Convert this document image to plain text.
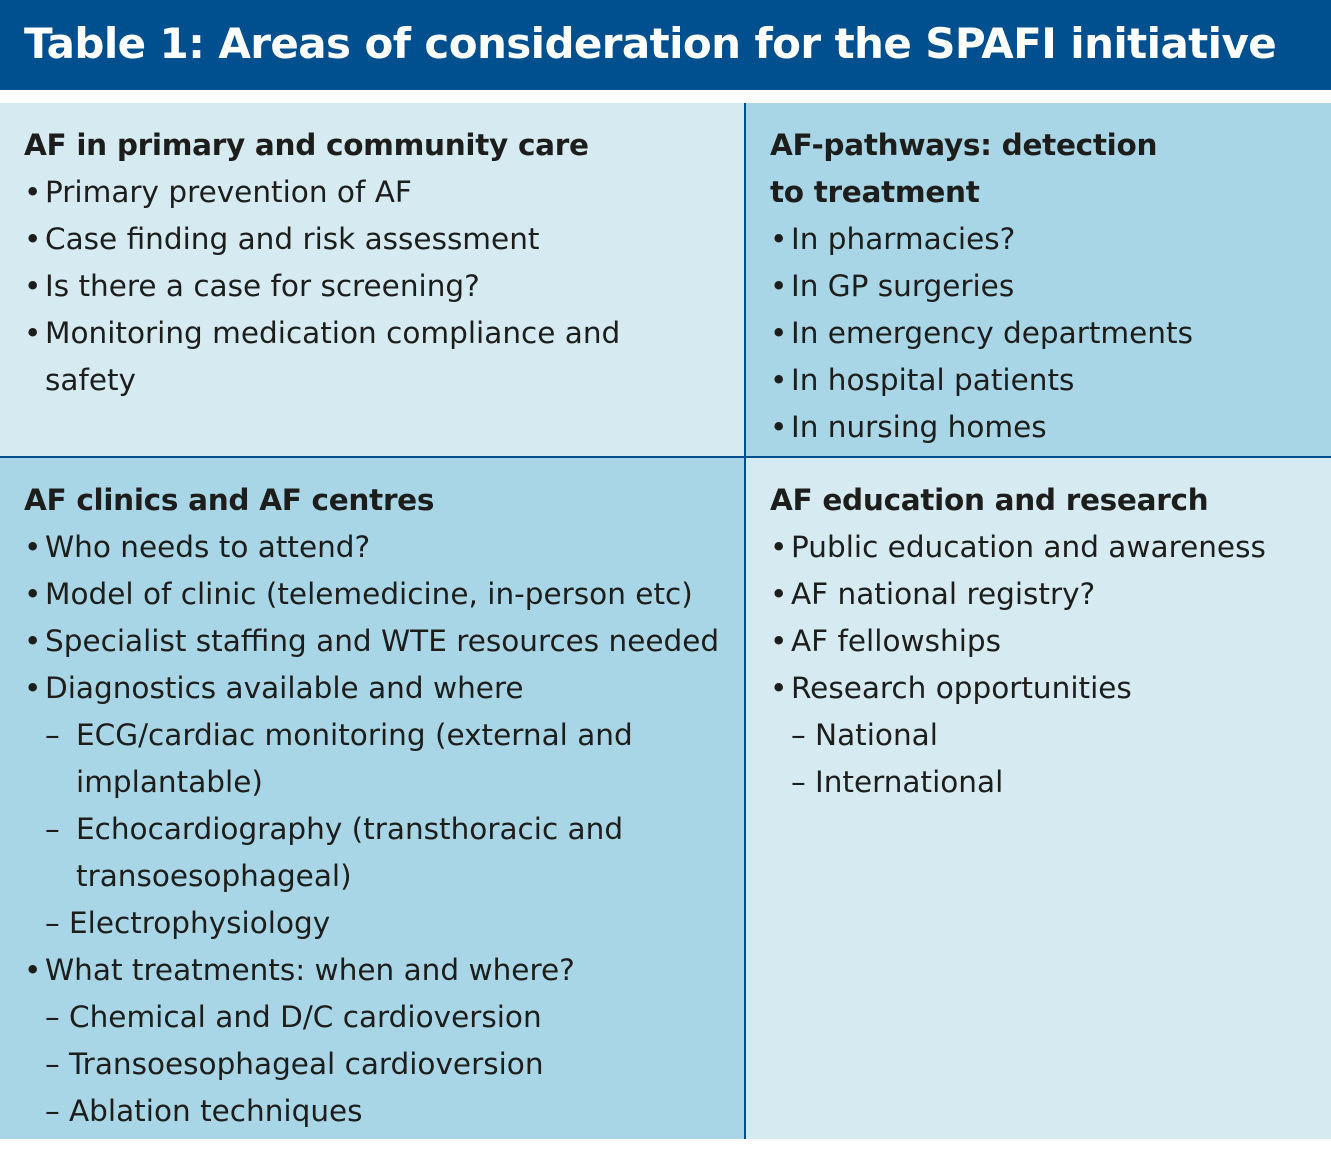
Table 1: Areas of consideration for the SPAFI initiative
AF in primary and community care
• Primary prevention of AF
• Case finding and risk assessment
• Is there a case for screening?
• Monitoring medication compliance and safety
AF-pathways: detection to treatment
• In pharmacies?
• In GP surgeries
• In emergency departments
• In hospital patients
• In nursing homes
AF clinics and AF centres
• Who needs to attend?
• Model of clinic (telemedicine, in-person etc)
• Specialist staffing and WTE resources needed
• Diagnostics available and where
– ECG/cardiac monitoring (external and implantable)
– Echocardiography (transthoracic and transoesophageal)
– Electrophysiology
• What treatments: when and where?
– Chemical and D/C cardioversion
– Transoesophageal cardioversion
– Ablation techniques
AF education and research
• Public education and awareness
• AF national registry?
• AF fellowships
• Research opportunities
– National
– International
